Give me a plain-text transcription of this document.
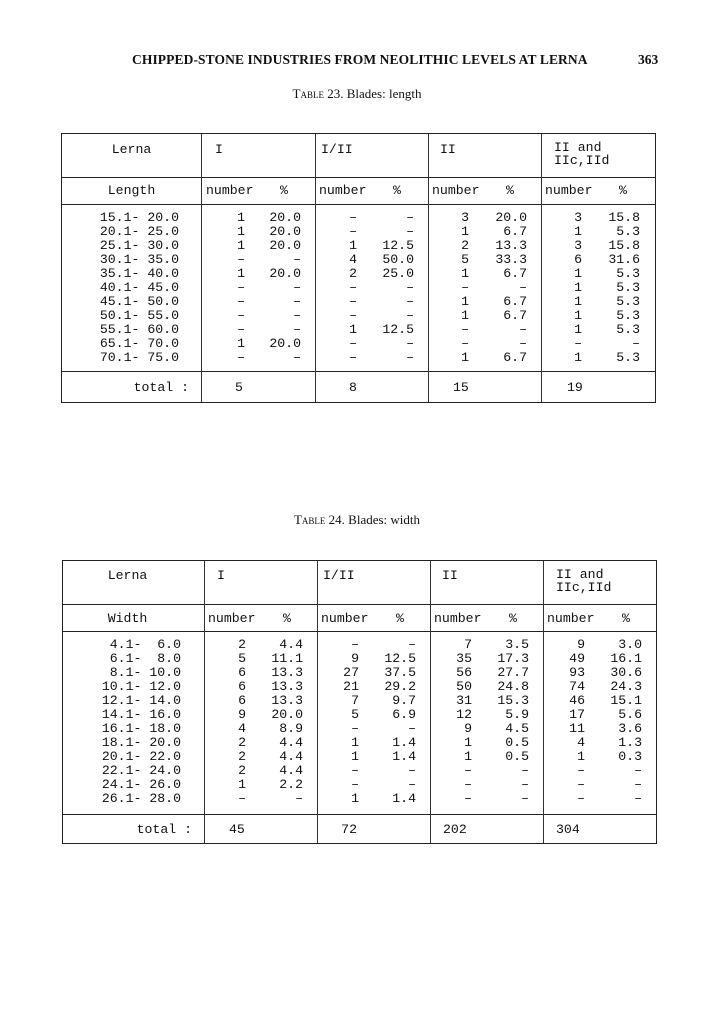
CHIPPED-STONE INDUSTRIES FROM NEOLITHIC LEVELS AT LERNA	363
Table 23. Blades: length
Lerna	I	I/II	II	II and
IIc,IId
Length	number % number % number % number %
15.1- 20.0	1	20.0	–	–	3	20.0	3	15.8
20.1- 25.0	1	20.0	–	–	1	6.7	1	5.3
25.1- 30.0	1	20.0	1	12.5	2	13.3	3	15.8
30.1- 35.0	–	–	4	50.0	5	33.3	6	31.6
35.1- 40.0	1	20.0	2	25.0	1	6.7	1	5.3
40.1- 45.0	–	–	–	–	–	–	1	5.3
45.1- 50.0	–	–	–	–	1	6.7	1	5.3
50.1- 55.0	–	–	–	–	1	6.7	1	5.3
55.1- 60.0	–	–	1	12.5	–	–	1	5.3
65.1- 70.0	1	20.0	–	–	–	–	–	–
70.1- 75.0	–	–	–	–	1	6.7	1	5.3
total :	5	8	15	19
Table 24. Blades: width
Lerna	I	I/II	II	II and
IIc,IId
Width	number % number % number % number %
4.1-  6.0	2	4.4	–	–	7	3.5	9	3.0
6.1-  8.0	5	11.1	9	12.5	35	17.3	49	16.1
8.1- 10.0	6	13.3	27	37.5	56	27.7	93	30.6
10.1- 12.0	6	13.3	21	29.2	50	24.8	74	24.3
12.1- 14.0	6	13.3	7	9.7	31	15.3	46	15.1
14.1- 16.0	9	20.0	5	6.9	12	5.9	17	5.6
16.1- 18.0	4	8.9	–	–	9	4.5	11	3.6
18.1- 20.0	2	4.4	1	1.4	1	0.5	4	1.3
20.1- 22.0	2	4.4	1	1.4	1	0.5	1	0.3
22.1- 24.0	2	4.4	–	–	–	–	–	–
24.1- 26.0	1	2.2	–	–	–	–	–	–
26.1- 28.0	–	–	1	1.4	–	–	–	–
total :	45	72	202	304
